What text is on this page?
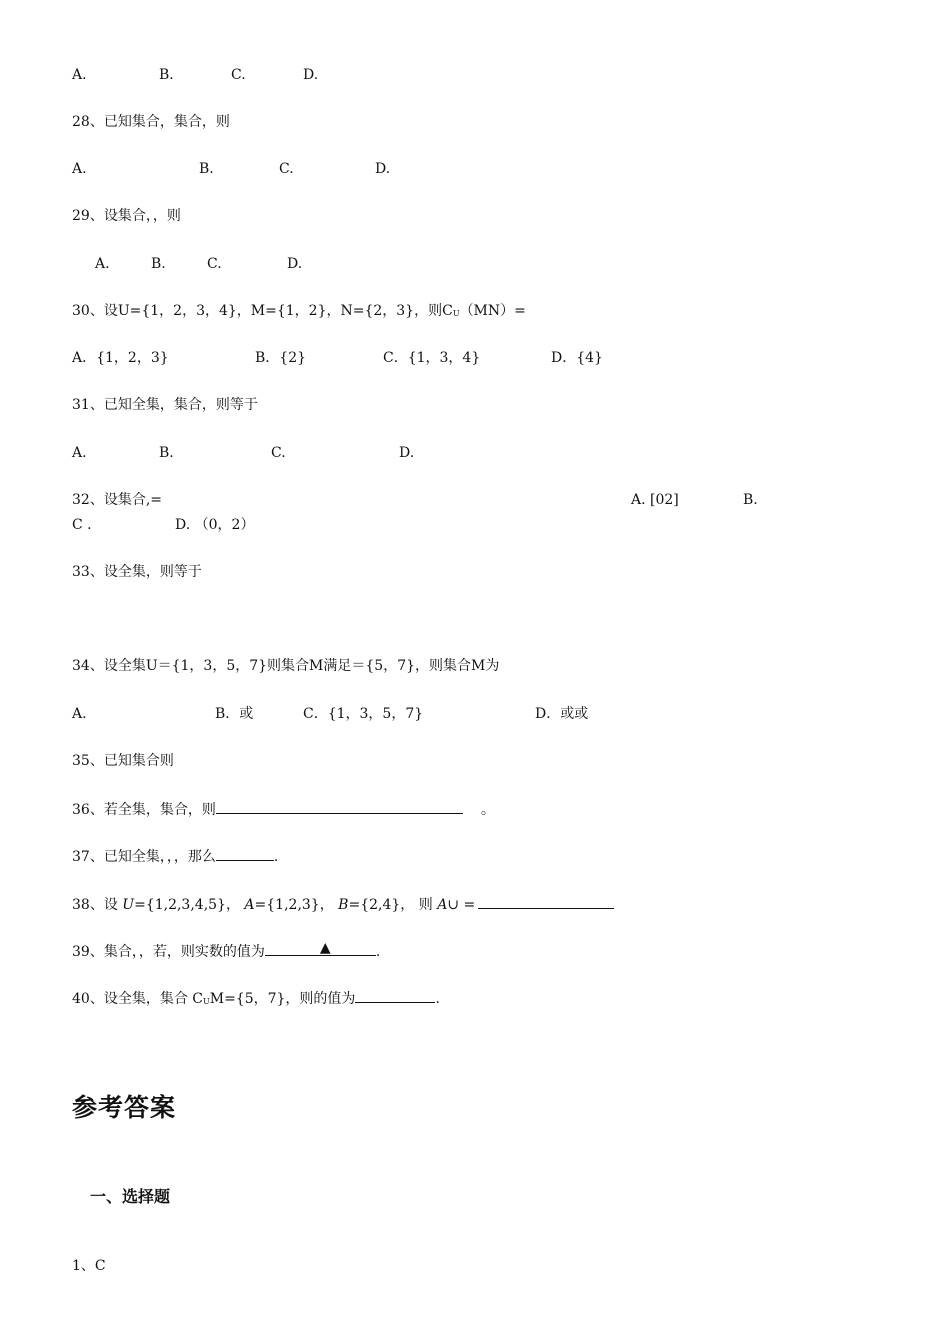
A.	B.	C.	D.
28、已知集合，集合，则
A.	B.	C.	D.
29、设集合，，则
A.	B.	C.	D.
30、设U={1，2，3，4}，M={1，2}，N={2，3}，则$C_U(MN)=$
A．{1，2，3}	B．{2}	C．{1，3，4}	D．{4}
31、已知全集，集合，则等于
A.	B.	C.	D.
32、设集合,=	A. [02]	B.
C .	D. （0，2）
33、设全集，则等于
34、设全集U＝{1，3，5，7}则集合M满足＝{5，7}，则集合M为
A.	B．或	C．{1，3，5，7}	D．或或
35、已知集合则
36、若全集，集合，则	。
37、已知全集，，，那么	.
38、设 U={1,2,3,4,5}， A={1,2,3}， B={2,4}， 则 A∪ =
39、集合，，若，则实数的值为	▲	.
40、设全集，集合 $C_UM=\{5$，7}，则的值为	.
参考答案
一、选择题
1、C
